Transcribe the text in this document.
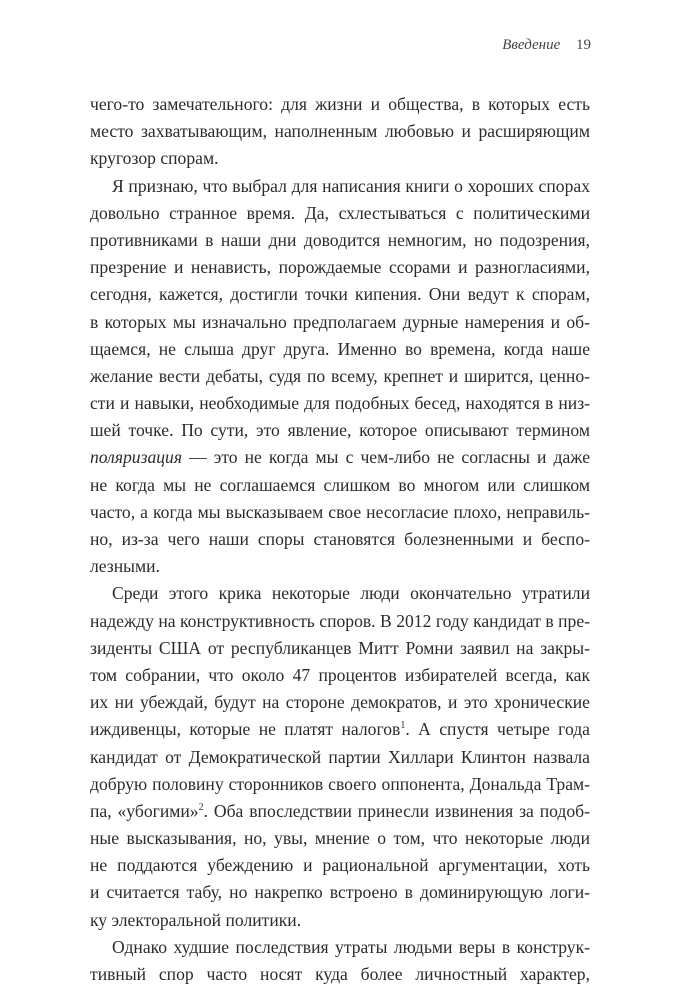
Введение 19
чего-то замечательного: для жизни и общества, в которых есть
место захватывающим, наполненным любовью и расширяющим
кругозор спорам.
Я признаю, что выбрал для написания книги о хороших спорах
довольно странное время. Да, схлестываться с политическими
противниками в наши дни доводится немногим, но подозрения,
презрение и ненависть, порождаемые ссорами и разногласиями,
сегодня, кажется, достигли точки кипения. Они ведут к спорам,
в которых мы изначально предполагаем дурные намерения и об-
щаемся, не слыша друг друга. Именно во времена, когда наше
желание вести дебаты, судя по всему, крепнет и ширится, ценно-
сти и навыки, необходимые для подобных бесед, находятся в низ-
шей точке. По сути, это явление, которое описывают термином
поляризация — это не когда мы с чем-либо не согласны и даже
не когда мы не соглашаемся слишком во многом или слишком
часто, а когда мы высказываем свое несогласие плохо, неправиль-
но, из-за чего наши споры становятся болезненными и беспо-
лезными.
Среди этого крика некоторые люди окончательно утратили
надежду на конструктивность споров. В 2012 году кандидат в пре-
зиденты США от республиканцев Митт Ромни заявил на закры-
том собрании, что около 47 процентов избирателей всегда, как
их ни убеждай, будут на стороне демократов, и это хронические
иждивенцы, которые не платят налогов$^1$. А спустя четыре года
кандидат от Демократической партии Хиллари Клинтон назвала
добрую половину сторонников своего оппонента, Дональда Трам-
па, «убогими»$^2$. Оба впоследствии принесли извинения за подоб-
ные высказывания, но, увы, мнение о том, что некоторые люди
не поддаются убеждению и рациональной аргументации, хоть
и считается табу, но накрепко встроено в доминирующую логи-
ку электоральной политики.
Однако худшие последствия утраты людьми веры в конструк-
тивный спор часто носят куда более личностный характер,
